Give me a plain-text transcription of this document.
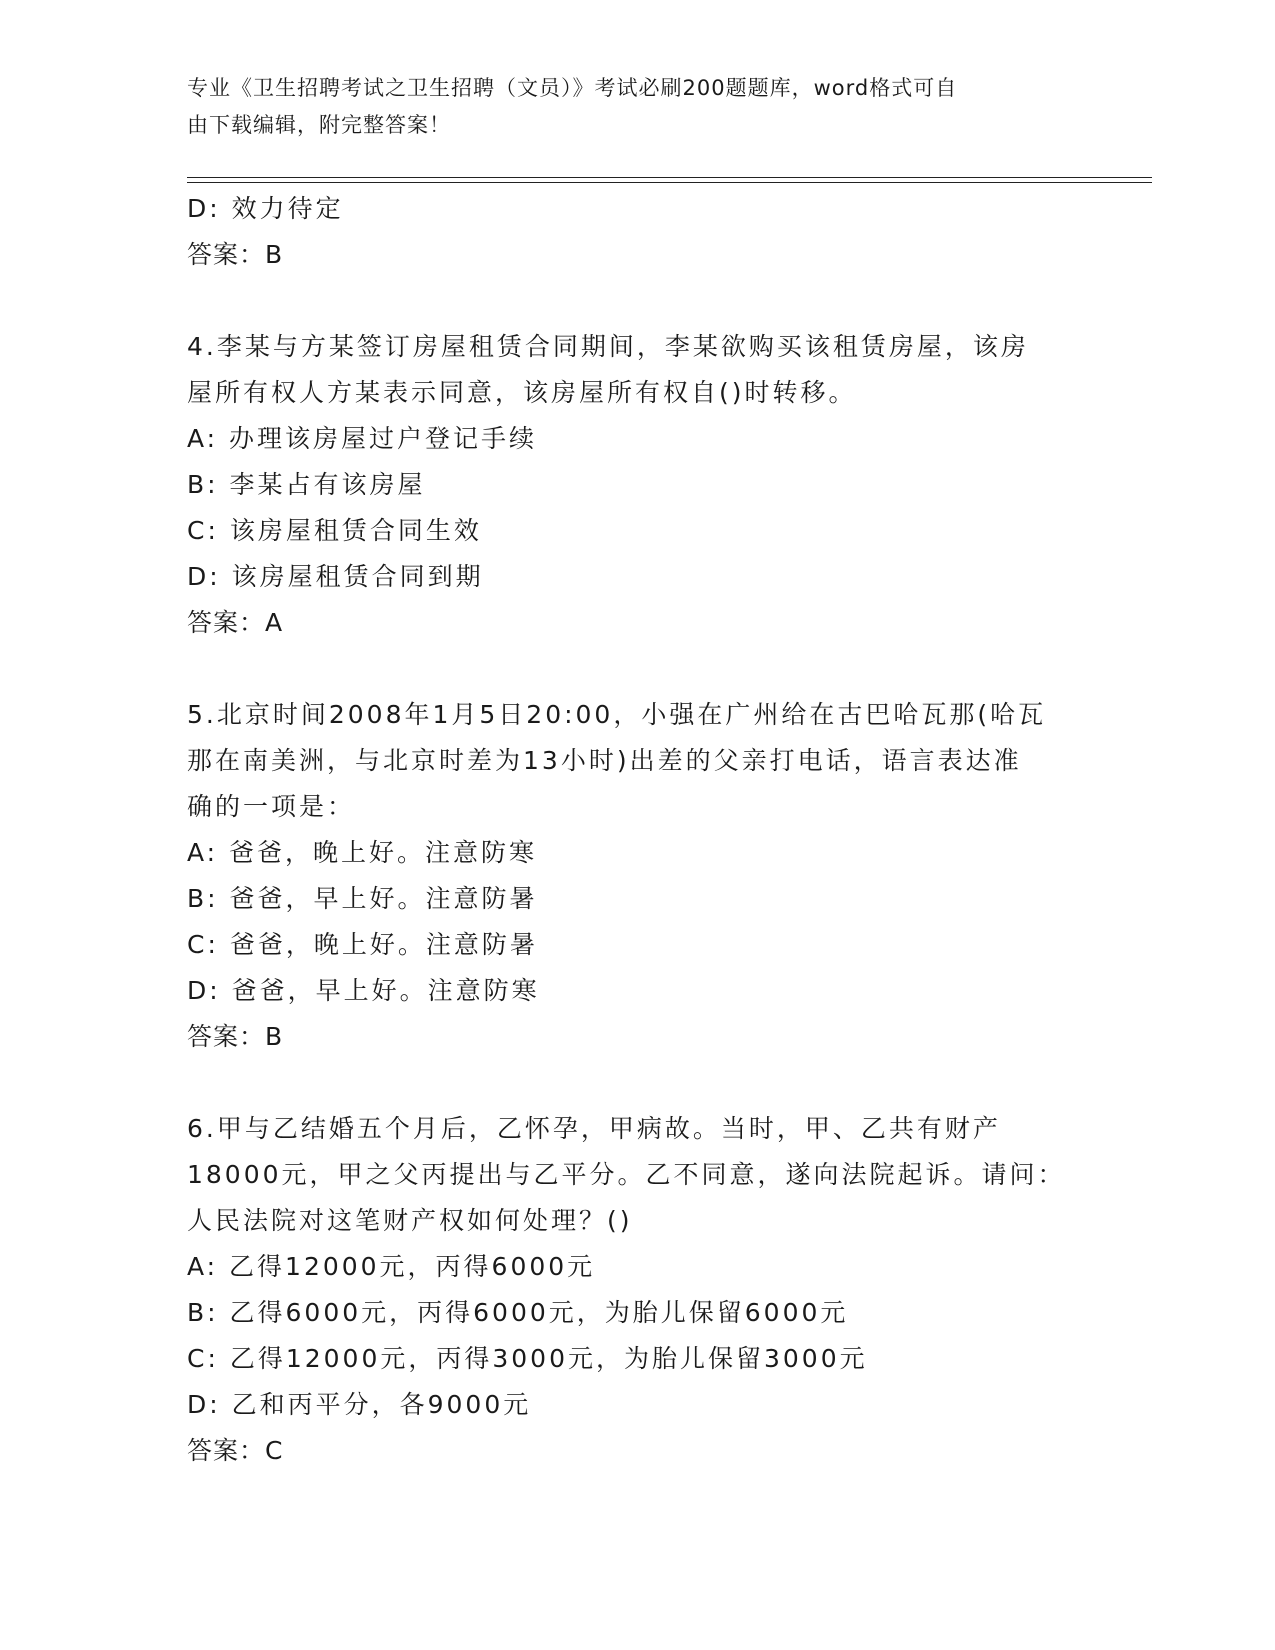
专业《卫生招聘考试之卫生招聘（文员）》考试必刷200题题库，word格式可自
由下载编辑，附完整答案！
D: 效力待定
答案：B
4.李某与方某签订房屋租赁合同期间，李某欲购买该租赁房屋，该房
屋所有权人方某表示同意，该房屋所有权自()时转移。
A: 办理该房屋过户登记手续
B: 李某占有该房屋
C: 该房屋租赁合同生效
D: 该房屋租赁合同到期
答案：A
5.北京时间2008年1月5日20:00，小强在广州给在古巴哈瓦那(哈瓦
那在南美洲，与北京时差为13小时)出差的父亲打电话，语言表达准
确的一项是：
A: 爸爸，晚上好。注意防寒
B: 爸爸，早上好。注意防暑
C: 爸爸，晚上好。注意防暑
D: 爸爸，早上好。注意防寒
答案：B
6.甲与乙结婚五个月后，乙怀孕，甲病故。当时，甲、乙共有财产
18000元，甲之父丙提出与乙平分。乙不同意，遂向法院起诉。请问：
人民法院对这笔财产权如何处理？()
A: 乙得12000元，丙得6000元
B: 乙得6000元，丙得6000元，为胎儿保留6000元
C: 乙得12000元，丙得3000元，为胎儿保留3000元
D: 乙和丙平分，各9000元
答案：C
